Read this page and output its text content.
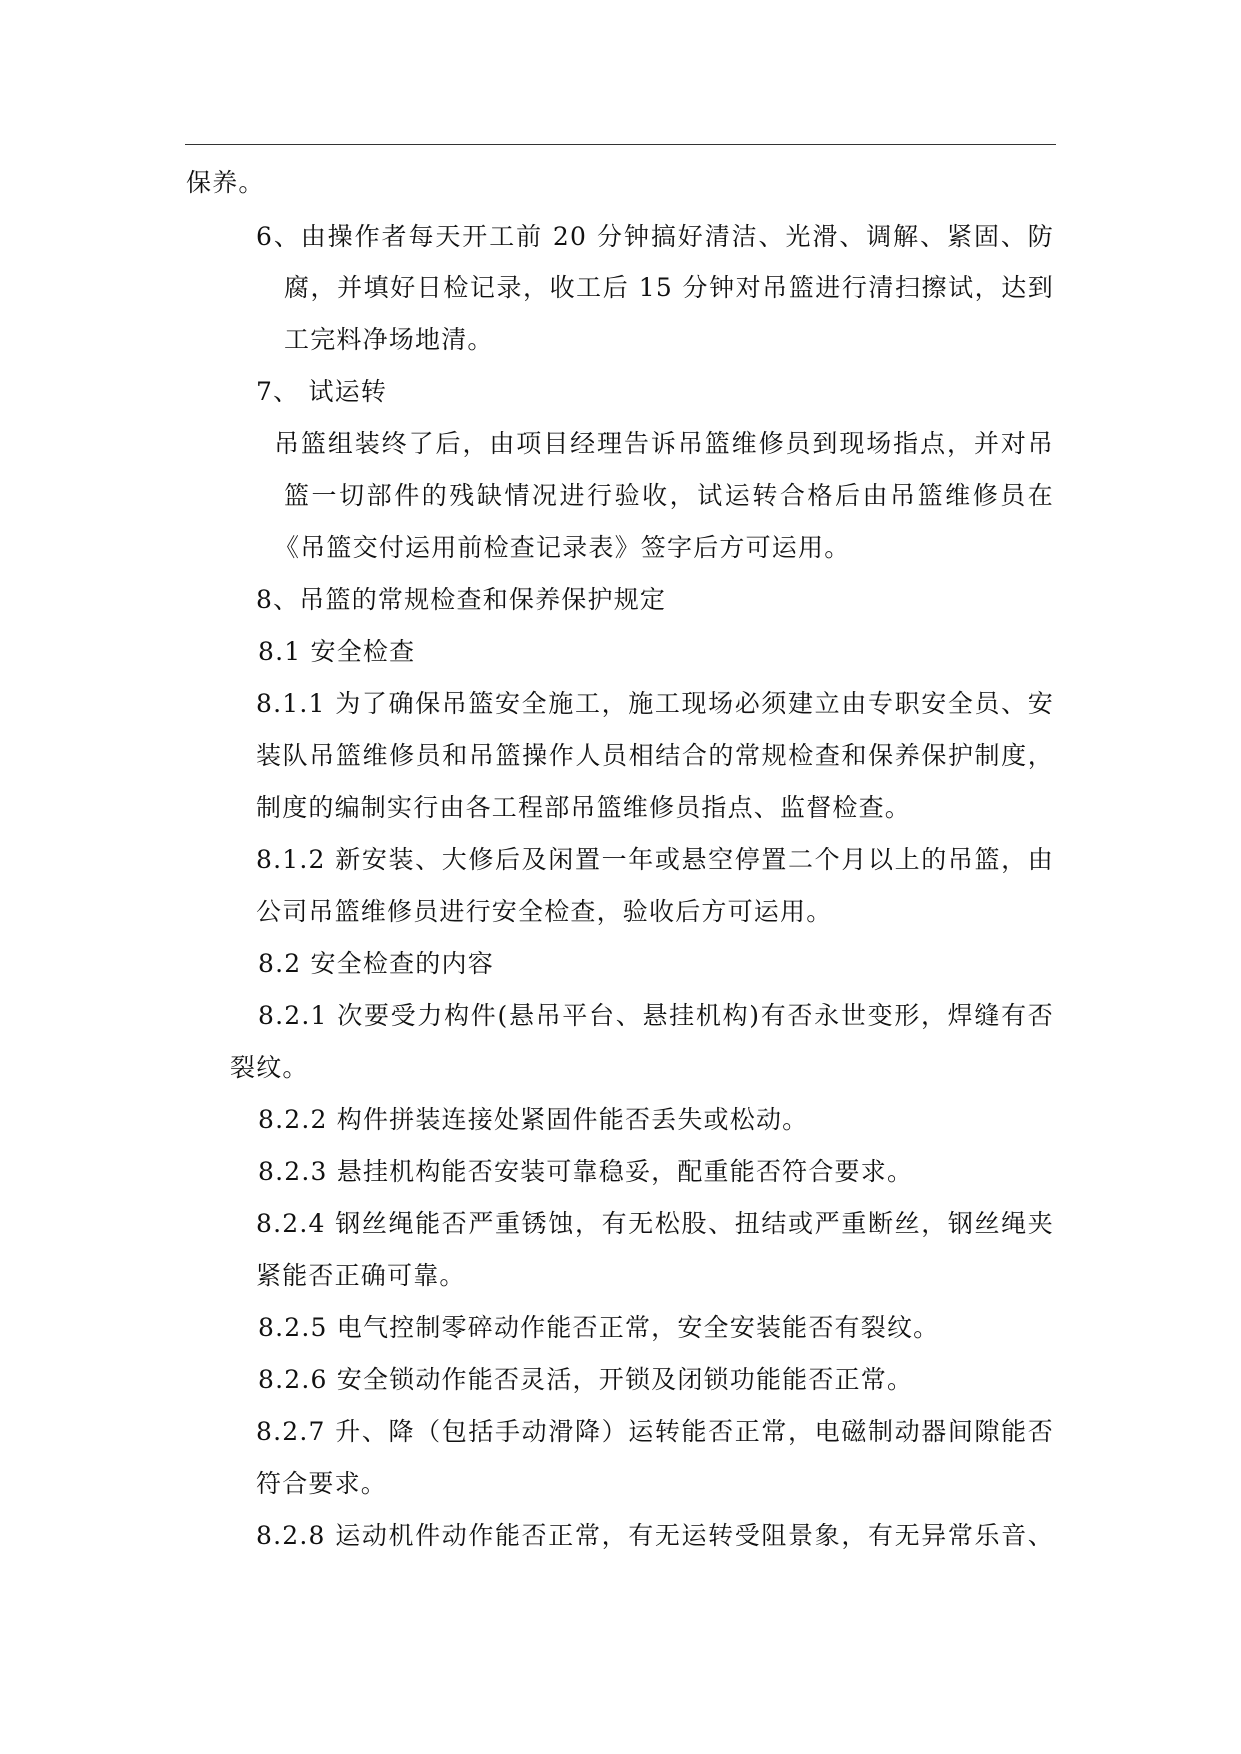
保养。
6、由操作者每天开工前 20 分钟搞好清洁、光滑、调解、紧固、防
腐，并填好日检记录，收工后 15 分钟对吊篮进行清扫擦试，达到
工完料净场地清。
7、 试运转
吊篮组装终了后，由项目经理告诉吊篮维修员到现场指点，并对吊
篮一切部件的残缺情况进行验收，试运转合格后由吊篮维修员在
《吊篮交付运用前检查记录表》签字后方可运用。
8、吊篮的常规检查和保养保护规定
8.1 安全检查
8.1.1 为了确保吊篮安全施工，施工现场必须建立由专职安全员、安
装队吊篮维修员和吊篮操作人员相结合的常规检查和保养保护制度，
制度的编制实行由各工程部吊篮维修员指点、监督检查。
8.1.2 新安装、大修后及闲置一年或悬空停置二个月以上的吊篮，由
公司吊篮维修员进行安全检查，验收后方可运用。
8.2 安全检查的内容
8.2.1 次要受力构件(悬吊平台、悬挂机构)有否永世变形，焊缝有否
裂纹。
8.2.2 构件拼装连接处紧固件能否丢失或松动。
8.2.3 悬挂机构能否安装可靠稳妥，配重能否符合要求。
8.2.4 钢丝绳能否严重锈蚀，有无松股、扭结或严重断丝，钢丝绳夹
紧能否正确可靠。
8.2.5 电气控制零碎动作能否正常，安全安装能否有裂纹。
8.2.6 安全锁动作能否灵活，开锁及闭锁功能能否正常。
8.2.7 升、降（包括手动滑降）运转能否正常，电磁制动器间隙能否
符合要求。
8.2.8 运动机件动作能否正常，有无运转受阻景象，有无异常乐音、
